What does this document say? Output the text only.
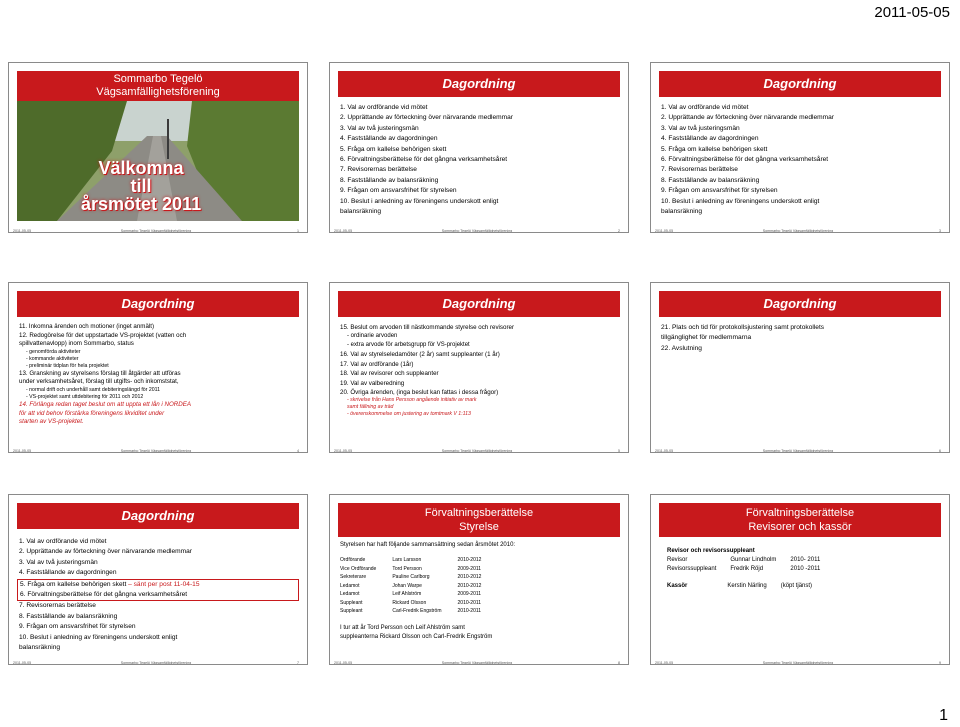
2011-05-05
Sommarbo Tegelö
Vägsamfällighetsförening
Välkomna
till
årsmötet 2011
2011-05-05	Sommarbo Tegelö Vägsamfällighetsförening	1
Dagordning

1. Val av ordförande vid mötet

2. Upprättande av förteckning över närvarande medlemmar

3. Val av två justeringsmän

4. Fastställande av dagordningen

5. Fråga om kallelse behörigen skett

6. Förvaltningsberättelse för det gångna verksamhetsåret

7. Revisorernas berättelse

8. Fastställande av balansräkning

9. Frågan om ansvarsfrihet för styrelsen

10. Beslut i anledning av föreningens underskott enligt

balansräkning

2011-05-05	Sommarbo Tegelö Vägsamfällighetsförening	2
Dagordning

1. Val av ordförande vid mötet

2. Upprättande av förteckning över närvarande medlemmar

3. Val av två justeringsmän

4. Fastställande av dagordningen

5. Fråga om kallelse behörigen skett

6. Förvaltningsberättelse för det gångna verksamhetsåret

7. Revisorernas berättelse

8. Fastställande av balansräkning

9. Frågan om ansvarsfrihet för styrelsen

10. Beslut i anledning av föreningens underskott enligt

balansräkning

2011-05-05	Sommarbo Tegelö Vägsamfällighetsförening	3
Dagordning

11. Inkomna ärenden och motioner (inget anmält)

12. Redogörelse för det uppstartade VS-projektet (vatten och

spillvattenavlopp) inom Sommarbo, status

- genomförda aktiviteter
- kommande aktiviteter
- preliminär tidplan för hela projektet

13. Granskning av styrelsens förslag till åtgärder att utföras

under verksamhetsåret, förslag till utgifts- och inkomststat,

- normal drift och underhåll samt debiteringslängd för 2011
- VS-projektet samt uttdebitering för 2011 och 2012

14. Förlänga redan taget beslut om att uppta ett lån i NORDEA

för att vid behov förstärka föreningens likviditet under

starten av VS-projektet.

2011-05-05	Sommarbo Tegelö Vägsamfällighetsförening	4
Dagordning

15. Beslut om arvoden till nästkommande styrelse och revisorer

- ordinarie arvoden
- extra arvode för arbetsgrupp för VS-projektet

16. Val av styrelseledamöter (2 år) samt suppleanter (1 år)

17. Val av ordförande (1år)

18. Val av revisorer och suppleanter

19. Val av valberedning

20. Övriga ärenden, (inga beslut kan fattas i dessa frågor)

- skrivelse från Hans Persson angående initiativ av mark
samt fällning av träd
- överenskommelse om justering av tomtmark V 1:113
2011-05-05	Sommarbo Tegelö Vägsamfällighetsförening	5
Dagordning

21. Plats och tid för protokollsjustering samt protokollets

tillgänglighet för medlemmarna

22. Avslutning

2011-05-05	Sommarbo Tegelö Vägsamfällighetsförening	6
Dagordning

1. Val av ordförande vid mötet

2. Upprättande av förteckning över närvarande medlemmar

3. Val av två justeringsmän

4. Fastställande av dagordningen

5. Fråga om kallelse behörigen skett – sänt per post 11-04-15

6. Förvaltningsberättelse för det gångna verksamhetsåret

7. Revisorernas berättelse

8. Fastställande av balansräkning

9. Frågan om ansvarsfrihet för styrelsen

10. Beslut i anledning av föreningens underskott enligt

balansräkning

2011-05-05	Sommarbo Tegelö Vägsamfällighetsförening	7
Förvaltningsberättelse
Styrelse

Styrelsen har haft följande sammansättning sedan årsmötet 2010:

Ordförande	Lars Larsson	2010-2012
Vice Ordförande	Tord Persson	2009-2011
Sekreterare	Pauline Carlborg	2010-2012
Ledamot	Johan Warpe	2010-2012
Ledamot	Leif Ahlström	2009-2011
Suppleant	Rickard Olsson	2010-2011
Suppleant	Carl-Fredrik Engström	2010-2011

I tur att år Tord Persson och Leif Ahlström samt

suppleanterna Rickard Olsson och Carl-Fredrik Engström

2011-05-05	Sommarbo Tegelö Vägsamfällighetsförening	8
Förvaltningsberättelse
Revisorer och kassör

Revisor och revisorssuppleant

Revisor	Gunnar Lindholm	2010- 2011
Revisorssuppleant	Fredrik Röjd	2010 -2011
Kassör	Kerstin Närling	(köpt tjänst)
2011-05-05	Sommarbo Tegelö Vägsamfällighetsförening	9
1
